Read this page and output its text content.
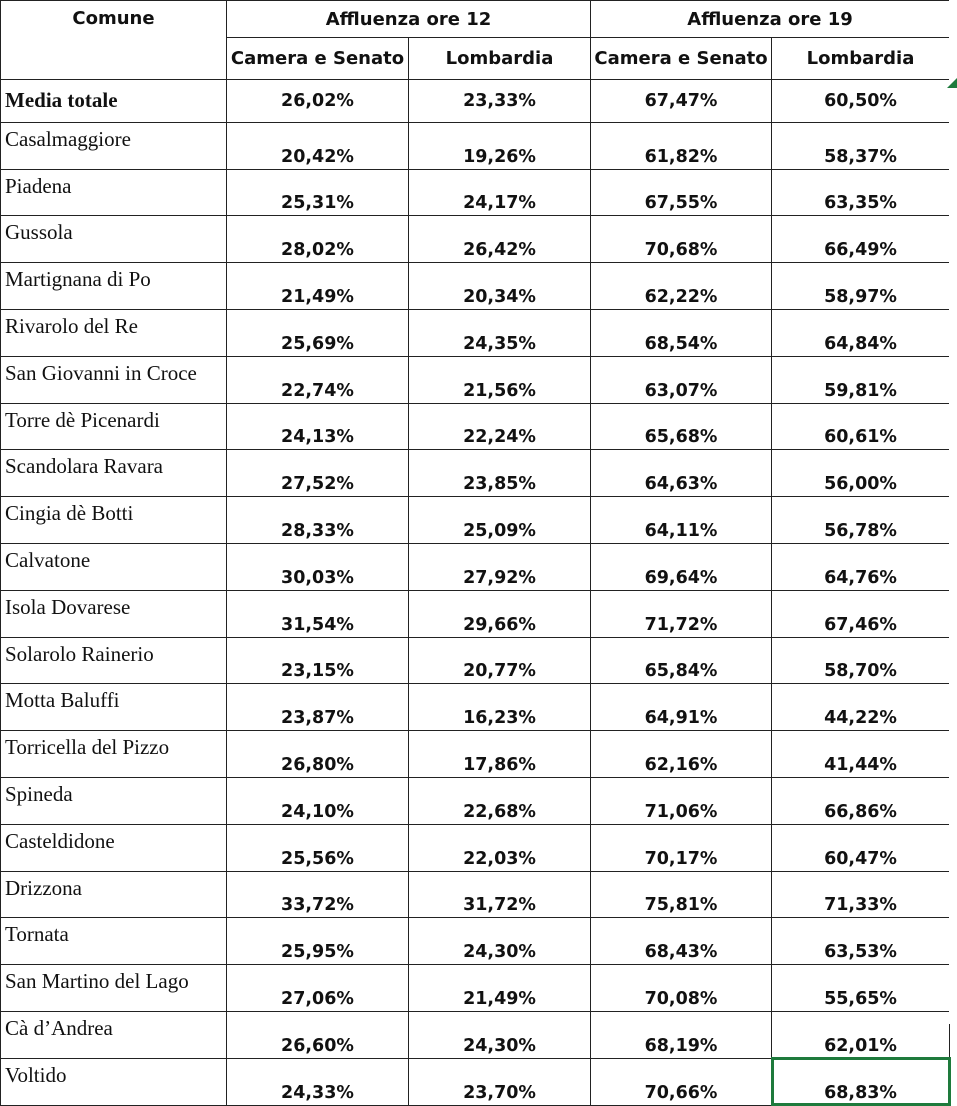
Comune	Affluenza ore 12		Affluenza ore 19	
	Camera e Senato	Lombardia	Camera e Senato	Lombardia
Media totale	26,02%	23,33%	67,47%	60,50%
Casalmaggiore	20,42%	19,26%	61,82%	58,37%
Piadena	25,31%	24,17%	67,55%	63,35%
Gussola	28,02%	26,42%	70,68%	66,49%
Martignana di Po	21,49%	20,34%	62,22%	58,97%
Rivarolo del Re	25,69%	24,35%	68,54%	64,84%
San Giovanni in Croce	22,74%	21,56%	63,07%	59,81%
Torre dè Picenardi	24,13%	22,24%	65,68%	60,61%
Scandolara Ravara	27,52%	23,85%	64,63%	56,00%
Cingia dè Botti	28,33%	25,09%	64,11%	56,78%
Calvatone	30,03%	27,92%	69,64%	64,76%
Isola Dovarese	31,54%	29,66%	71,72%	67,46%
Solarolo Rainerio	23,15%	20,77%	65,84%	58,70%
Motta Baluffi	23,87%	16,23%	64,91%	44,22%
Torricella del Pizzo	26,80%	17,86%	62,16%	41,44%
Spineda	24,10%	22,68%	71,06%	66,86%
Casteldidone	25,56%	22,03%	70,17%	60,47%
Drizzona	33,72%	31,72%	75,81%	71,33%
Tornata	25,95%	24,30%	68,43%	63,53%
San Martino del Lago	27,06%	21,49%	70,08%	55,65%
Cà d’Andrea	26,60%	24,30%	68,19%	62,01%
Voltido	24,33%	23,70%	70,66%	68,83%
